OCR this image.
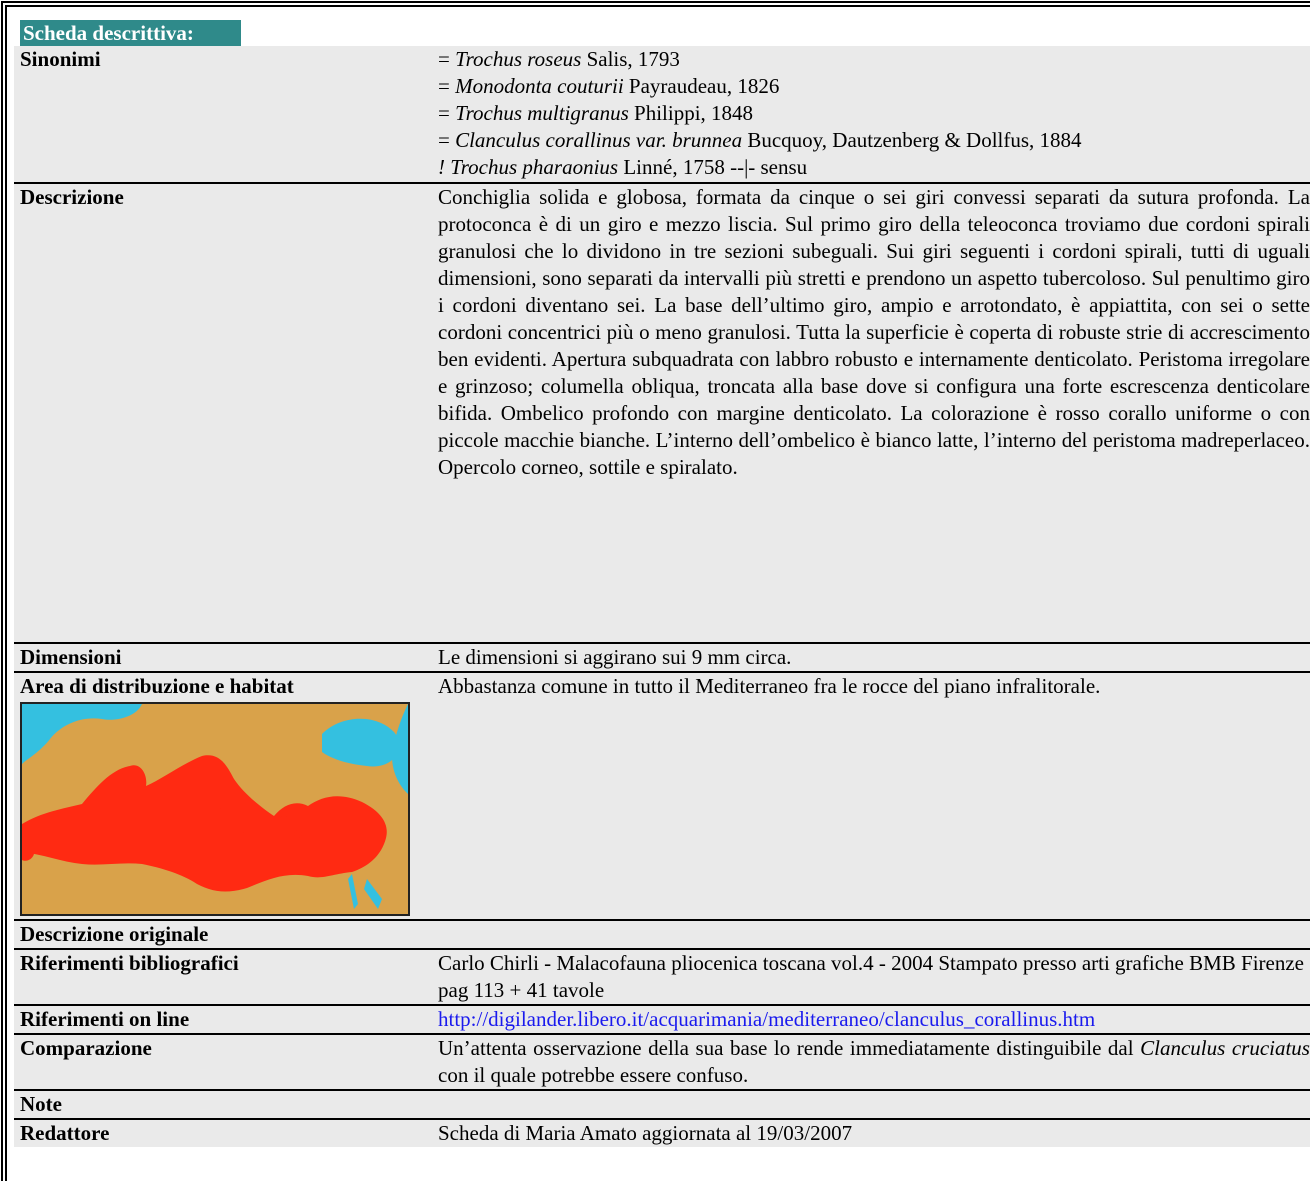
Scheda descrittiva:
Sinonimi	= Trochus roseus Salis, 1793
= Monodonta couturii Payraudeau, 1826
= Trochus multigranus Philippi, 1848
= Clanculus corallinus var. brunnea Bucquoy, Dautzenberg & Dollfus, 1884
! Trochus pharaonius Linné, 1758 --|- sensu
Descrizione	Conchiglia solida e globosa, formata da cinque o sei giri convessi separati da sutura profonda. La protoconca è di un giro e mezzo liscia. Sul primo giro della teleoconca troviamo due cordoni spirali granulosi che lo dividono in tre sezioni subeguali. Sui giri seguenti i cordoni spirali, tutti di uguali dimensioni, sono separati da intervalli più stretti e prendono un aspetto tubercoloso. Sul penultimo giro i cordoni diventano sei. La base dell’ultimo giro, ampio e arrotondato, è appiattita, con sei o sette cordoni concentrici più o meno granulosi. Tutta la superficie è coperta di robuste strie di accrescimento ben evidenti. Apertura subquadrata con labbro robusto e internamente denticolato. Peristoma irregolare e grinzoso; columella obliqua, troncata alla base dove si configura una forte escrescenza denticolare bifida. Ombelico profondo con margine denticolato. La colorazione è rosso corallo uniforme o con piccole macchie bianche. L’interno dell’ombelico è bianco latte, l’interno del peristoma madreperlaceo. Opercolo corneo, sottile e spiralato.
Dimensioni	Le dimensioni si aggirano sui 9 mm circa.
Area di distribuzione e habitat	Abbastanza comune in tutto il Mediterraneo fra le rocce del piano infralitorale.
Descrizione originale
Riferimenti bibliografici	Carlo Chirli - Malacofauna pliocenica toscana vol.4 - 2004 Stampato presso arti grafiche BMB Firenze pag 113 + 41 tavole
Riferimenti on line	http://digilander.libero.it/acquarimania/mediterraneo/clanculus_corallinus.htm
Comparazione	Un’attenta osservazione della sua base lo rende immediatamente distinguibile dal Clanculus cruciatus con il quale potrebbe essere confuso.
Note
Redattore	Scheda di Maria Amato aggiornata al 19/03/2007
